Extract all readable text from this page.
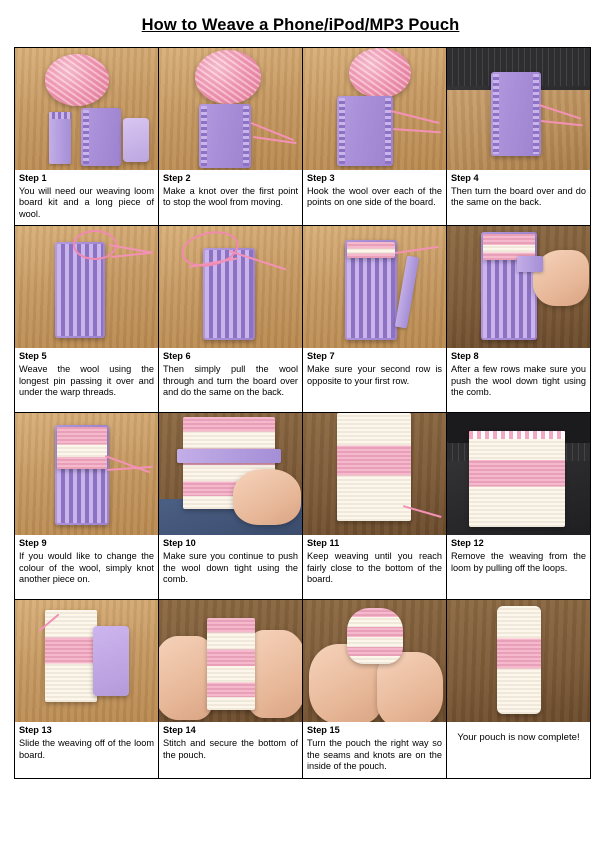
How to Weave a Phone/iPod/MP3 Pouch
Step 1
You will need our weaving loom board kit and a long piece of wool.	Step 2
Make a knot over the first point to stop the wool from moving.	Step 3
Hook the wool over each of the points on one side of the board.	Step 4
Then turn the board over and do the same on the back.

Step 5
Weave the wool using the longest pin passing it over and under the warp threads.	Step 6
Then simply pull the wool through and turn the board over and do the same on the back.	Step 7
Make sure your second row is opposite to your first row.	Step 8
After a few rows make sure you push the wool down tight using the comb.

Step 9
If you would like to change the colour of the wool, simply knot another piece on.	Step 10
Make sure you continue to push the wool down tight using the comb.	Step 11
Keep weaving until you reach fairly close to the bottom of the board.	Step 12
Remove the weaving from the loom by pulling off the loops.

Step 13
Slide the weaving off of the loom board.	Step 14
Stitch and secure the bottom of the pouch.	Step 15
Turn the pouch the right way so the seams and knots are on the inside of the pouch.	Your pouch is now complete!
